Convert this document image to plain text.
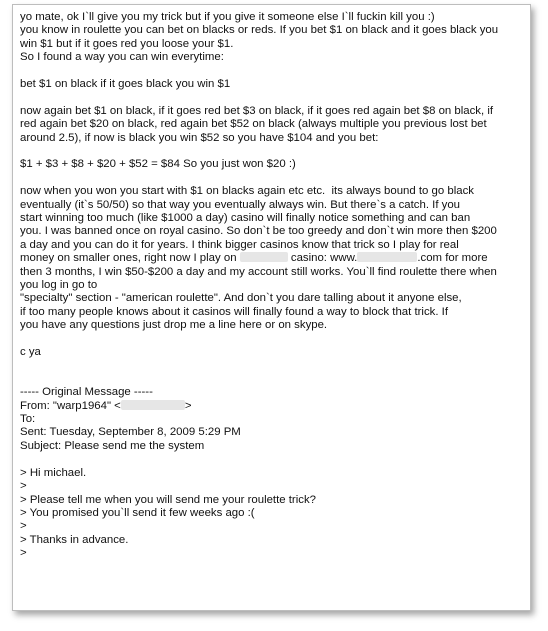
yo mate, ok I`ll give you my trick but if you give it someone else I`ll fuckin kill you :)
you know in roulette you can bet on blacks or reds. If you bet $1 on black and it goes black you
win $1 but if it goes red you loose your $1.
So I found a way you can win everytime:
bet $1 on black if it goes black you win $1
now again bet $1 on black, if it goes red bet $3 on black, if it goes red again bet $8 on black, if
red again bet $20 on black, red again bet $52 on black (always multiple you previous lost bet
around 2.5), if now is black you win $52 so you have $104 and you bet:
$1 + $3 + $8 + $20 + $52 = $84 So you just won $20 :)
now when you won you start with $1 on blacks again etc etc.  its always bound to go black
eventually (it`s 50/50) so that way you eventually always win. But there`s a catch. If you
start winning too much (like $1000 a day) casino will finally notice something and can ban
you. I was banned once on royal casino. So don`t be too greedy and don`t win more then $200
a day and you can do it for years. I think bigger casinos know that trick so I play for real
money on smaller ones, right now I play on	casino: www.	.com for more
then 3 months, I win $50-$200 a day and my account still works. You`ll find roulette there when
you log in go to
"specialty" section - "american roulette". And don`t you dare talling about it anyone else,
if too many people knows about it casinos will finally found a way to block that trick. If
you have any questions just drop me a line here or on skype.
c ya
----- Original Message -----
From: "warp1964" <	>
To:
Sent: Tuesday, September 8, 2009 5:29 PM
Subject: Please send me the system
> Hi michael.
>
> Please tell me when you will send me your roulette trick?
> You promised you`ll send it few weeks ago :(
>
> Thanks in advance.
>
